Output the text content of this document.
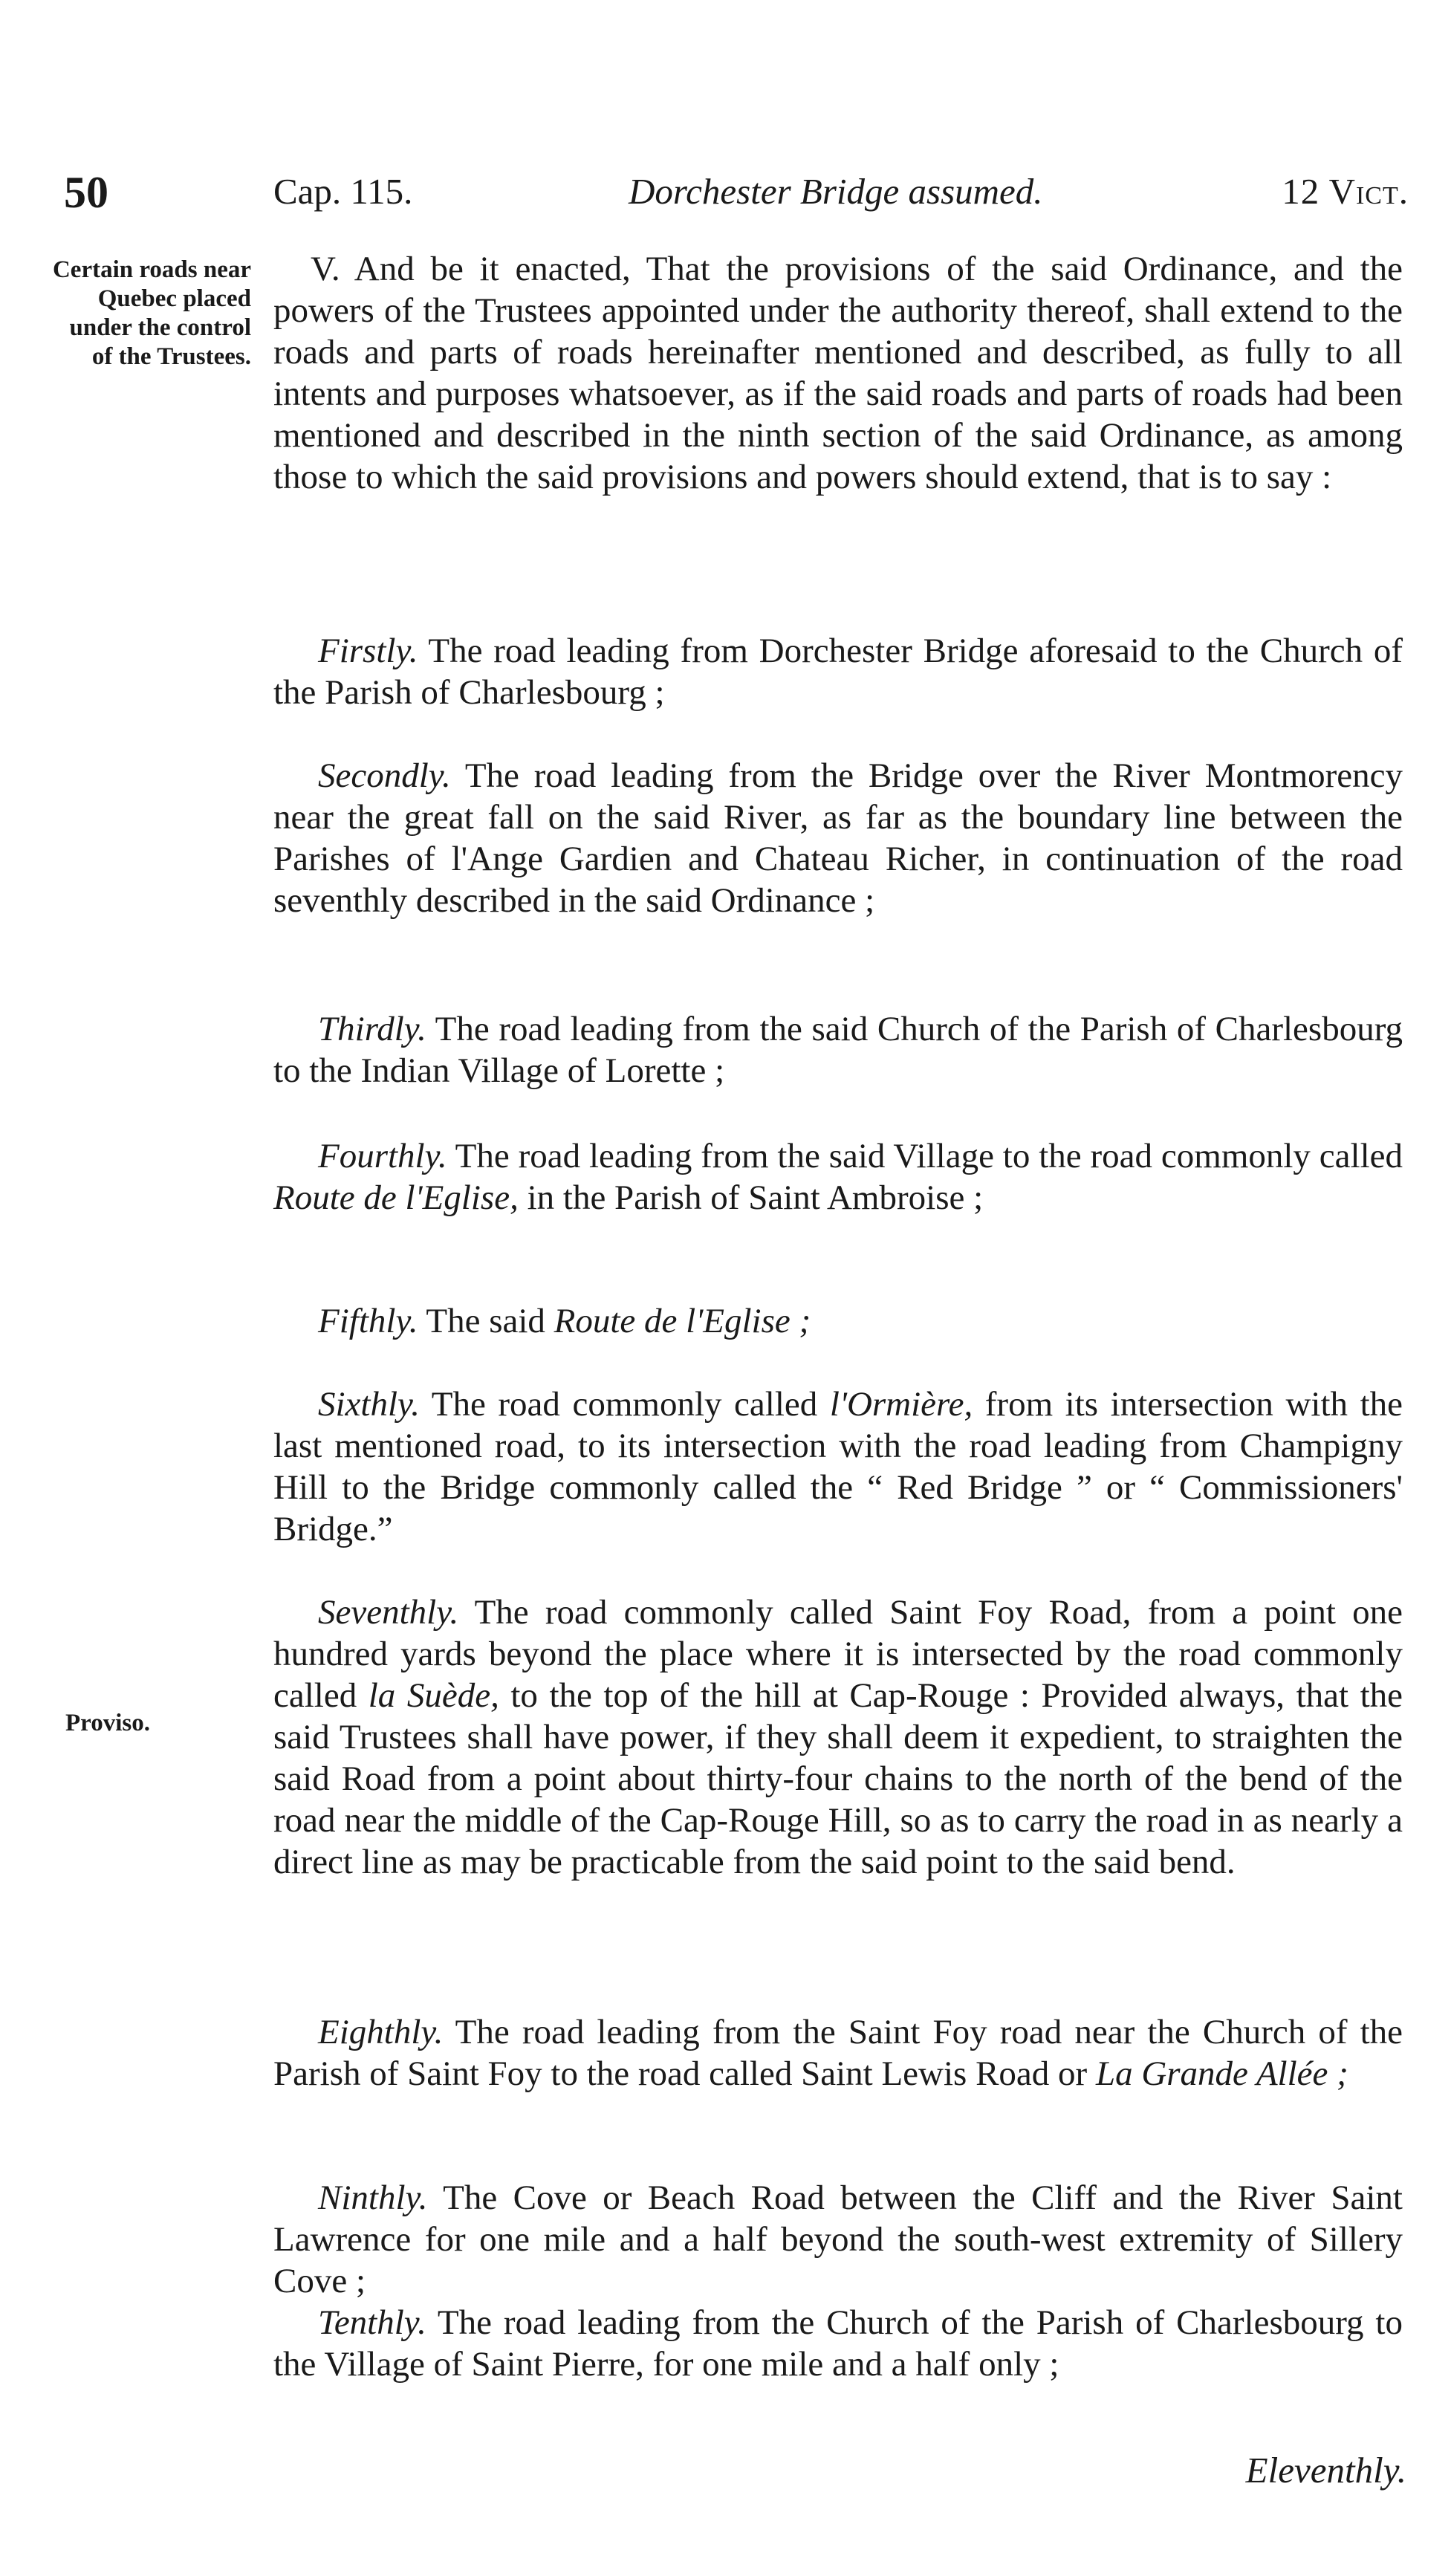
50	Cap. 115.	Dorchester Bridge assumed.	12 Vict.
Certain roads near Quebec placed under the control of the Trustees.
Proviso.

V. And be it enacted, That the provisions of the said Ordinance, and the powers of the Trustees appointed under the authority thereof, shall extend to the roads and parts of roads hereinafter mentioned and described, as fully to all intents and purposes whatsoever, as if the said roads and parts of roads had been mentioned and described in the ninth section of the said Ordinance, as among those to which the said provisions and powers should extend, that is to say :

Firstly. The road leading from Dorchester Bridge aforesaid to the Church of the Parish of Charlesbourg ;

Secondly. The road leading from the Bridge over the River Montmorency near the great fall on the said River, as far as the boundary line between the Parishes of l'Ange Gardien and Chateau Richer, in continuation of the road seventhly described in the said Ordinance ;

Thirdly. The road leading from the said Church of the Parish of Charlesbourg to the Indian Village of Lorette ;

Fourthly. The road leading from the said Village to the road commonly called Route de l'Eglise, in the Parish of Saint Ambroise ;

Fifthly. The said Route de l'Eglise ;

Sixthly. The road commonly called l'Ormière, from its intersection with the last mentioned road, to its intersection with the road leading from Champigny Hill to the Bridge commonly called the “ Red Bridge ” or “ Commissioners' Bridge.”

Seventhly. The road commonly called Saint Foy Road, from a point one hundred yards beyond the place where it is intersected by the road commonly called la Suède, to the top of the hill at Cap-Rouge : Provided always, that the said Trustees shall have power, if they shall deem it expedient, to straighten the said Road from a point about thirty-four chains to the north of the bend of the road near the middle of the Cap-Rouge Hill, so as to carry the road in as nearly a direct line as may be practicable from the said point to the said bend.

Eighthly. The road leading from the Saint Foy road near the Church of the Parish of Saint Foy to the road called Saint Lewis Road or La Grande Allée ;

Ninthly. The Cove or Beach Road between the Cliff and the River Saint Lawrence for one mile and a half beyond the south-west extremity of Sillery Cove ;

Tenthly. The road leading from the Church of the Parish of Charlesbourg to the Village of Saint Pierre, for one mile and a half only ;

Eleventhly.
